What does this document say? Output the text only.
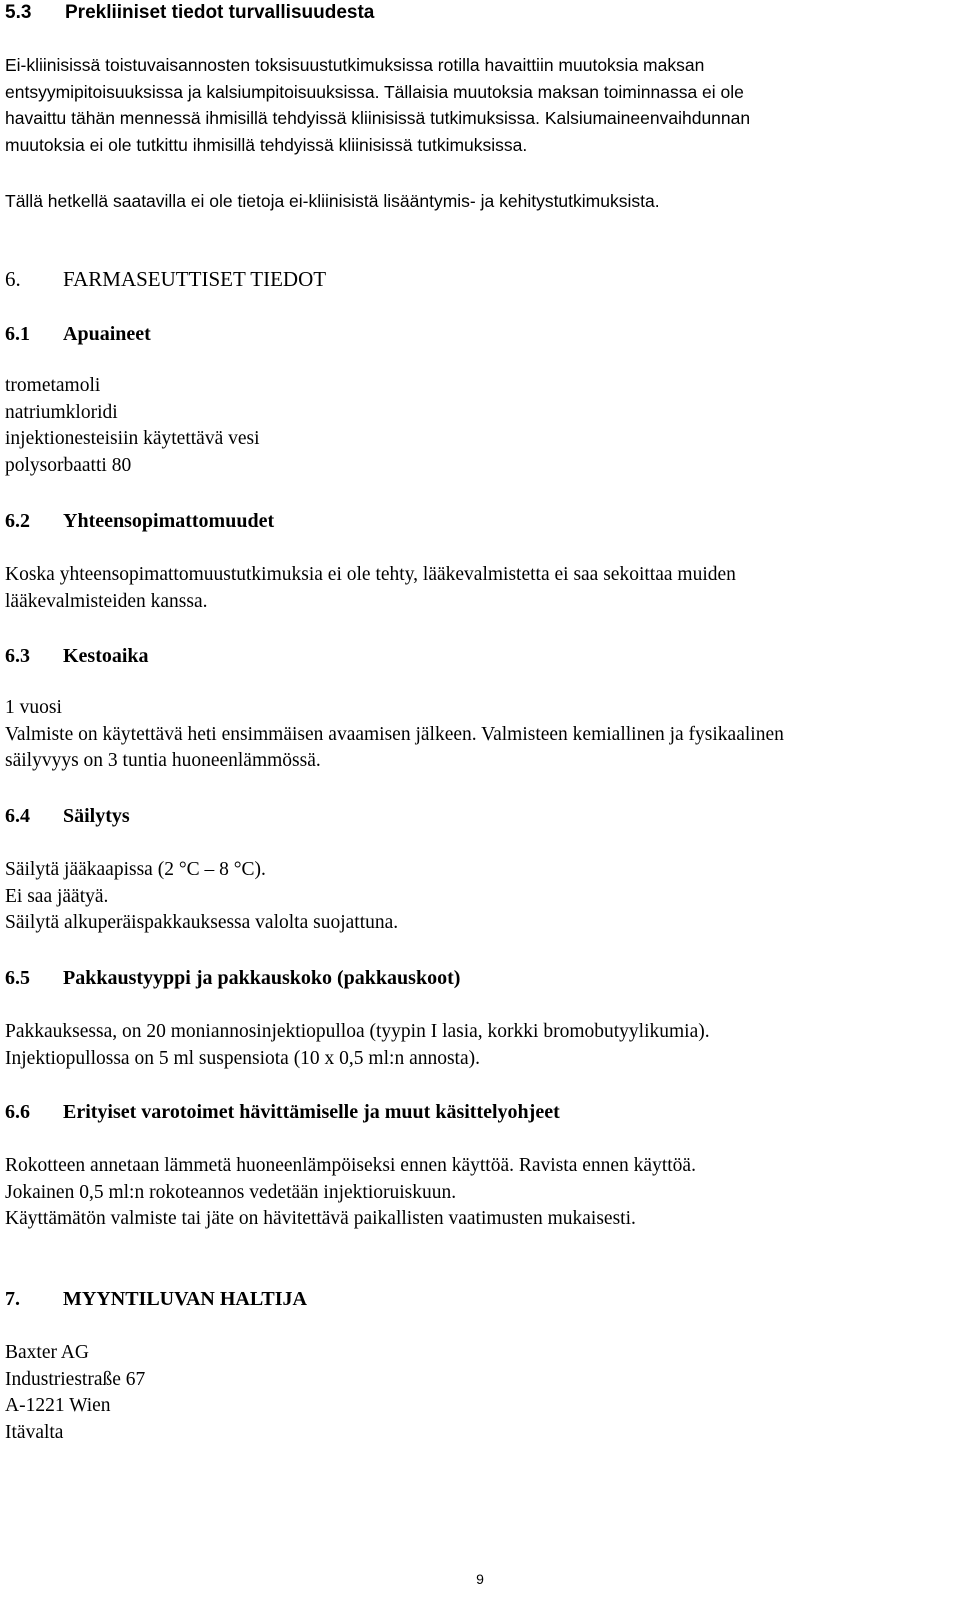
5.3 Prekliiniset tiedot turvallisuudesta
Ei-kliinisissä toistuvaisannosten toksisuustutkimuksissa rotilla havaittiin muutoksia maksan
entsyymipitoisuuksissa ja kalsiumpitoisuuksissa. Tällaisia muutoksia maksan toiminnassa ei ole
havaittu tähän mennessä ihmisillä tehdyissä kliinisissä tutkimuksissa. Kalsiumaineenvaihdunnan
muutoksia ei ole tutkittu ihmisillä tehdyissä kliinisissä tutkimuksissa.
Tällä hetkellä saatavilla ei ole tietoja ei-kliinisistä lisääntymis- ja kehitystutkimuksista.
6. FARMASEUTTISET TIEDOT
6.1 Apuaineet
trometamoli
natriumkloridi
injektionesteisiin käytettävä vesi
polysorbaatti 80
6.2 Yhteensopimattomuudet
Koska yhteensopimattomuustutkimuksia ei ole tehty, lääkevalmistetta ei saa sekoittaa muiden
lääkevalmisteiden kanssa.
6.3 Kestoaika
1 vuosi
Valmiste on käytettävä heti ensimmäisen avaamisen jälkeen. Valmisteen kemiallinen ja fysikaalinen
säilyvyys on 3 tuntia huoneenlämmössä.
6.4 Säilytys
Säilytä jääkaapissa (2 °C – 8 °C).
Ei saa jäätyä.
Säilytä alkuperäispakkauksessa valolta suojattuna.
6.5 Pakkaustyyppi ja pakkauskoko (pakkauskoot)
Pakkauksessa, on 20 moniannosinjektiopulloa (tyypin I lasia, korkki bromobutyylikumia).
Injektiopullossa on 5 ml suspensiota (10 x 0,5 ml:n annosta).
6.6 Erityiset varotoimet hävittämiselle ja muut käsittelyohjeet
Rokotteen annetaan lämmetä huoneenlämpöiseksi ennen käyttöä. Ravista ennen käyttöä.
Jokainen 0,5 ml:n rokoteannos vedetään injektioruiskuun.
Käyttämätön valmiste tai jäte on hävitettävä paikallisten vaatimusten mukaisesti.
7. MYYNTILUVAN HALTIJA
Baxter AG
Industriestraße 67
A-1221 Wien
Itävalta
9
